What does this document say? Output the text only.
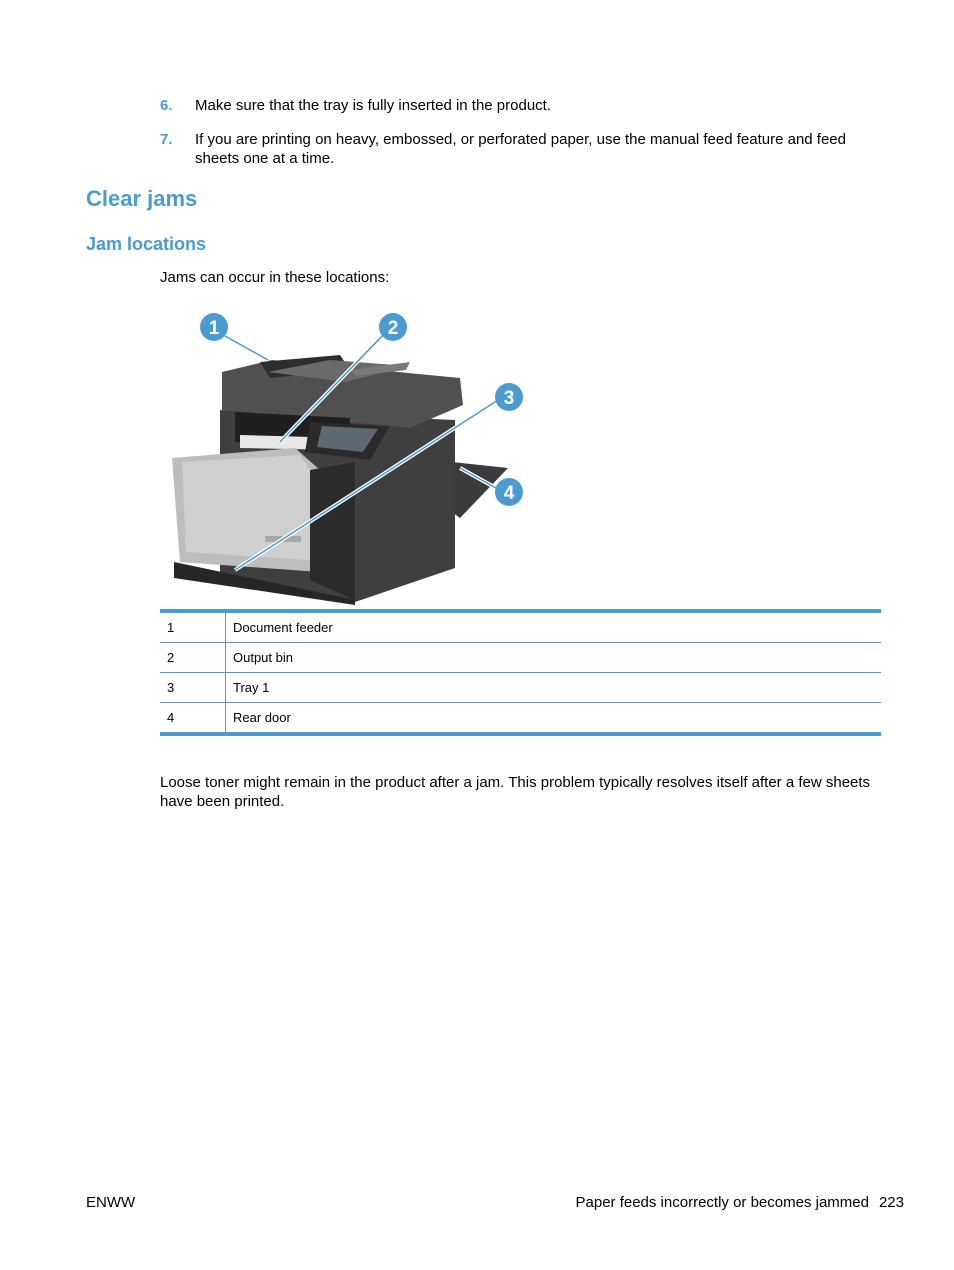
6. Make sure that the tray is fully inserted in the product.
7. If you are printing on heavy, embossed, or perforated paper, use the manual feed feature and feed sheets one at a time.
Clear jams
Jam locations
Jams can occur in these locations:
1	2
3
4
1	Document feeder
2	Output bin
3	Tray 1
4	Rear door
Loose toner might remain in the product after a jam. This problem typically resolves itself after a few sheets have been printed.
ENWW	Paper feeds incorrectly or becomes jammed 223
